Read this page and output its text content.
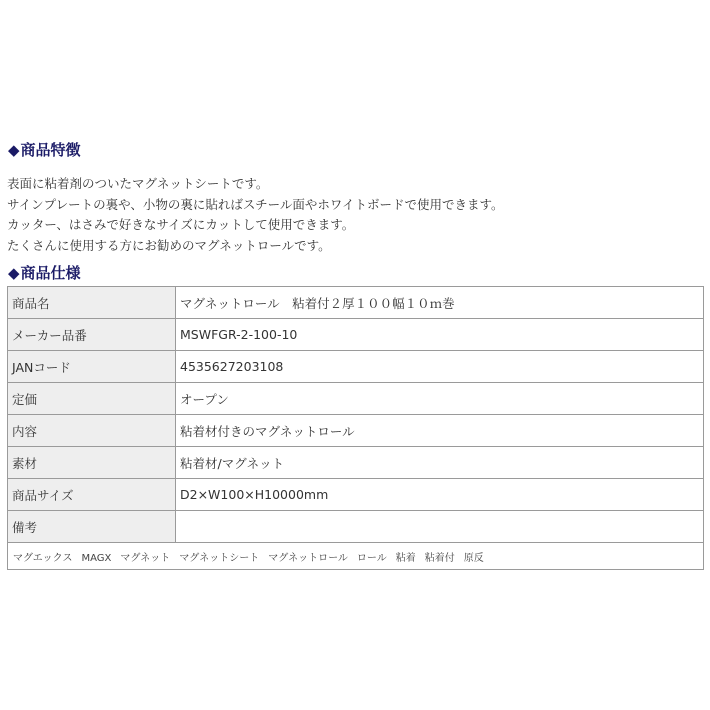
◆商品特徴

表面に粘着剤のついたマグネットシートです。

サインプレートの裏や、小物の裏に貼ればスチール面やホワイトボードで使用できます。

カッター、はさみで好きなサイズにカットして使用できます。

たくさんに使用する方にお勧めのマグネットロールです。

◆商品仕様
商品名	マグネットロール　粘着付２厚１００幅１０ｍ巻
メーカー品番	MSWFGR-2-100-10
JANコード	4535627203108
定価	オープン
内容	粘着材付きのマグネットロール
素材	粘着材/マグネット
商品サイズ	D2×W100×H10000mm
備考	
マグエックス MAGX マグネット マグネットシート マグネットロール ロール 粘着 粘着付 原反	
